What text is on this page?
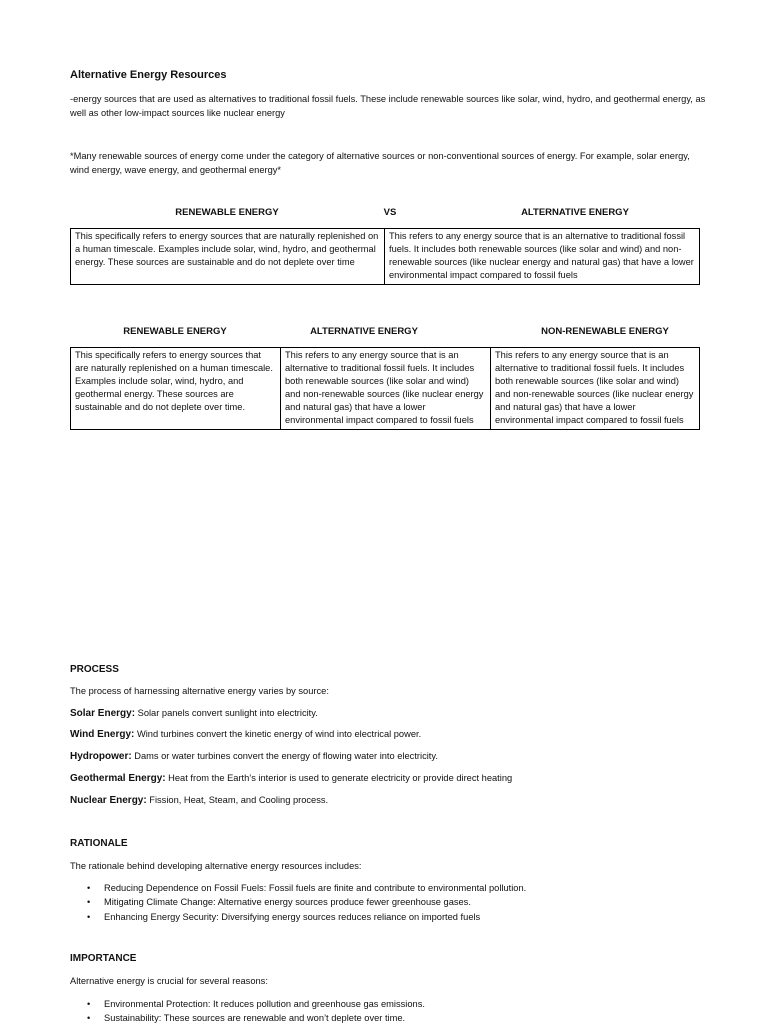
Alternative Energy Resources
-energy sources that are used as alternatives to traditional fossil fuels. These include renewable sources like solar, wind, hydro, and geothermal energy, as well as other low-impact sources like nuclear energy
*Many renewable sources of energy come under the category of alternative sources or non-conventional sources of energy. For example, solar energy, wind energy, wave energy, and geothermal energy*
RENEWABLE ENERGY	VS	ALTERNATIVE ENERGY
This specifically refers to energy sources that are naturally replenished on a human timescale. Examples include solar, wind, hydro, and geothermal energy. These sources are sustainable and do not deplete over time	This refers to any energy source that is an alternative to traditional fossil fuels. It includes both renewable sources (like solar and wind) and non-renewable sources (like nuclear energy and natural gas) that have a lower environmental impact compared to fossil fuels
RENEWABLE ENERGY	ALTERNATIVE ENERGY	NON-RENEWABLE ENERGY
This specifically refers to energy sources that are naturally replenished on a human timescale. Examples include solar, wind, hydro, and geothermal energy. These sources are sustainable and do not deplete over time.	This refers to any energy source that is an alternative to traditional fossil fuels. It includes both renewable sources (like solar and wind) and non-renewable sources (like nuclear energy and natural gas) that have a lower environmental impact compared to fossil fuels	This refers to any energy source that is an alternative to traditional fossil fuels. It includes both renewable sources (like solar and wind) and non-renewable sources (like nuclear energy and natural gas) that have a lower environmental impact compared to fossil fuels
PROCESS
The process of harnessing alternative energy varies by source:
Solar Energy: Solar panels convert sunlight into electricity.
Wind Energy: Wind turbines convert the kinetic energy of wind into electrical power.
Hydropower: Dams or water turbines convert the energy of flowing water into electricity.
Geothermal Energy: Heat from the Earth’s interior is used to generate electricity or provide direct heating
Nuclear Energy: Fission, Heat, Steam, and Cooling process.
RATIONALE
The rationale behind developing alternative energy resources includes:
• Reducing Dependence on Fossil Fuels: Fossil fuels are finite and contribute to environmental pollution.
• Mitigating Climate Change: Alternative energy sources produce fewer greenhouse gases.
• Enhancing Energy Security: Diversifying energy sources reduces reliance on imported fuels
IMPORTANCE
Alternative energy is crucial for several reasons:
• Environmental Protection: It reduces pollution and greenhouse gas emissions.
• Sustainability: These sources are renewable and won’t deplete over time.
